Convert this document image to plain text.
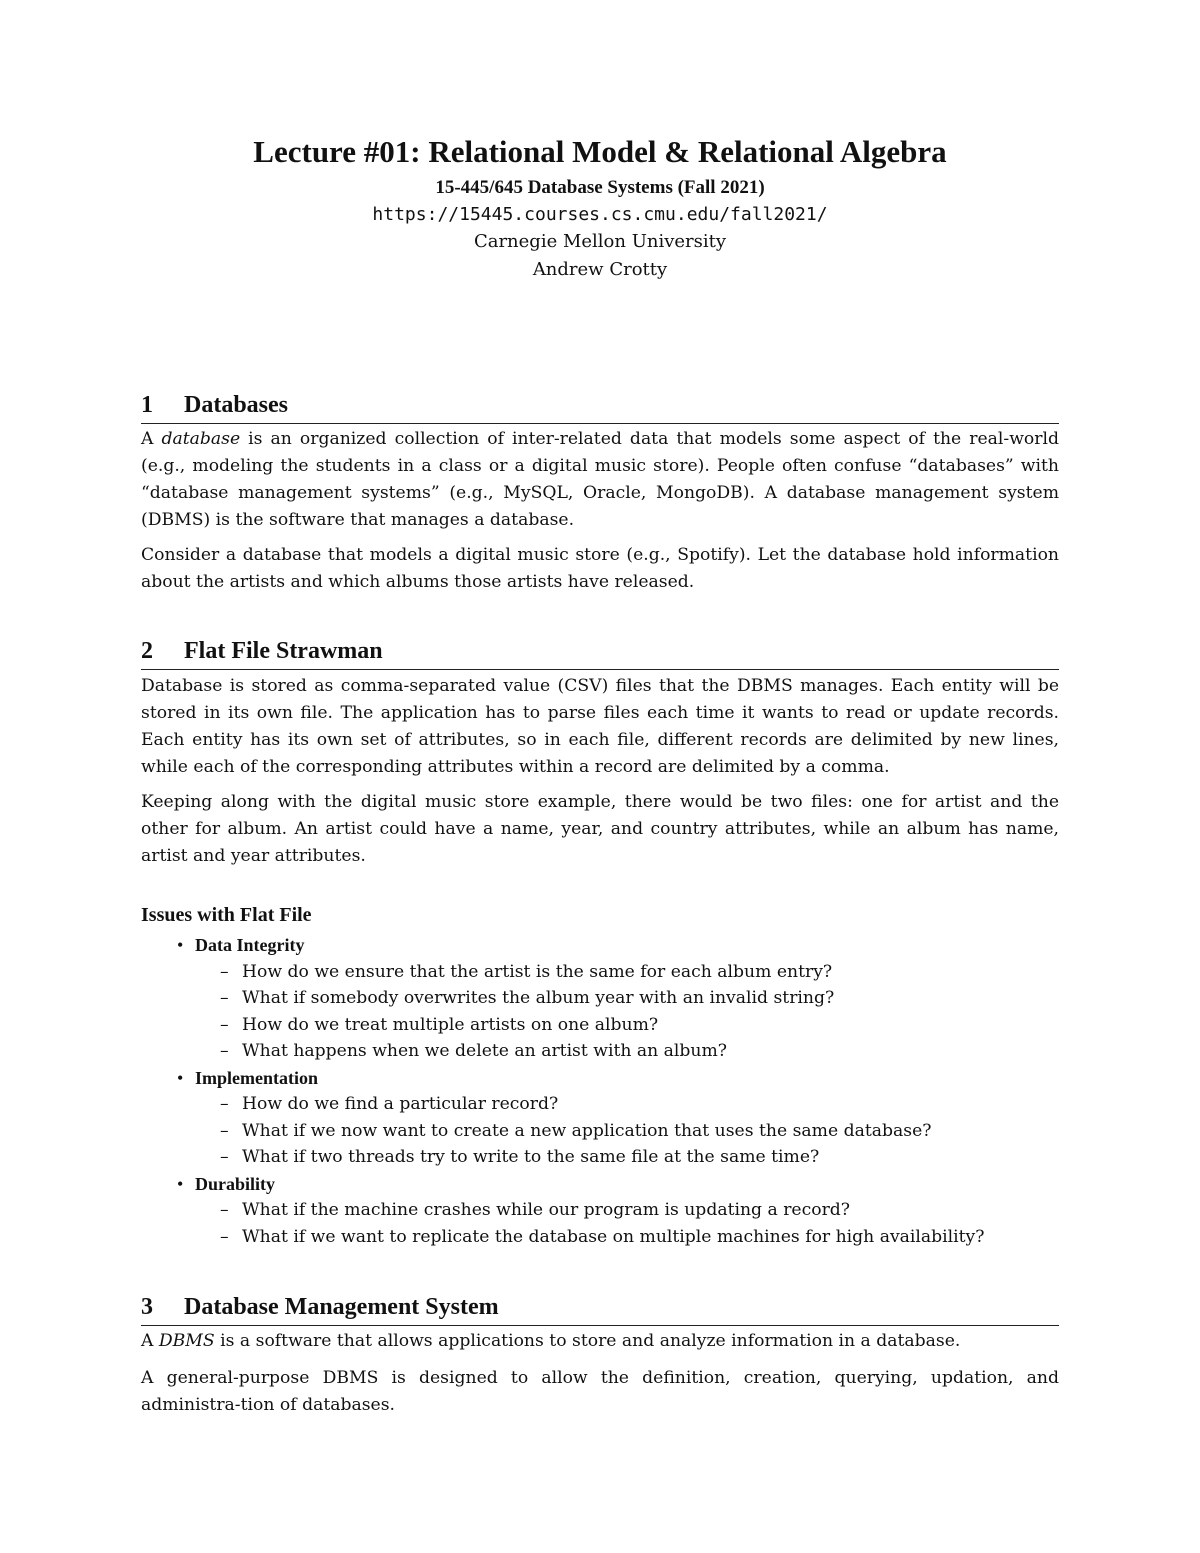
Lecture #01: Relational Model & Relational Algebra
15-445/645 Database Systems (Fall 2021)
https://15445.courses.cs.cmu.edu/fall2021/
Carnegie Mellon University
Andrew Crotty
1 Databases

A database is an organized collection of inter-related data that models some aspect of the real-world (e.g., modeling the students in a class or a digital music store). People often confuse “databases” with “database management systems” (e.g., MySQL, Oracle, MongoDB). A database management system (DBMS) is the software that manages a database.

Consider a database that models a digital music store (e.g., Spotify). Let the database hold information about the artists and which albums those artists have released.

2 Flat File Strawman

Database is stored as comma-separated value (CSV) files that the DBMS manages. Each entity will be stored in its own file. The application has to parse files each time it wants to read or update records. Each entity has its own set of attributes, so in each file, different records are delimited by new lines, while each of the corresponding attributes within a record are delimited by a comma.

Keeping along with the digital music store example, there would be two files: one for artist and the other for album. An artist could have a name, year, and country attributes, while an album has name, artist and year attributes.

Issues with Flat File
• Data Integrity
– How do we ensure that the artist is the same for each album entry?
– What if somebody overwrites the album year with an invalid string?
– How do we treat multiple artists on one album?
– What happens when we delete an artist with an album?
• Implementation
– How do we find a particular record?
– What if we now want to create a new application that uses the same database?
– What if two threads try to write to the same file at the same time?
• Durability
– What if the machine crashes while our program is updating a record?
– What if we want to replicate the database on multiple machines for high availability?
3 Database Management System

A DBMS is a software that allows applications to store and analyze information in a database.

A general-purpose DBMS is designed to allow the definition, creation, querying, updation, and administra-tion of databases.
